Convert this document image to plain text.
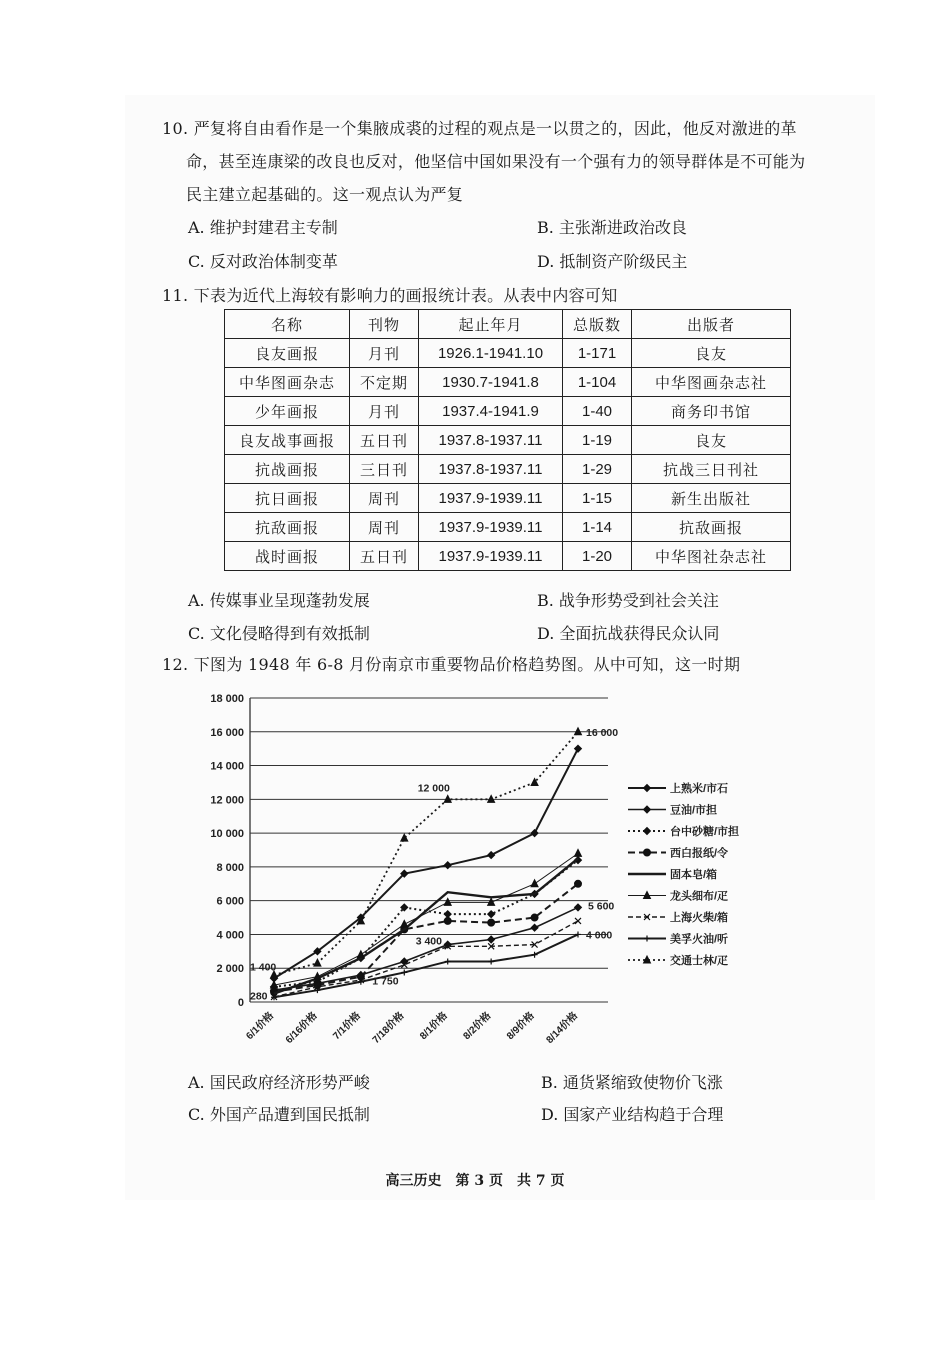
10. 严复将自由看作是一个集腋成裘的过程的观点是一以贯之的，因此，他反对激进的革
命，甚至连康梁的改良也反对，他坚信中国如果没有一个强有力的领导群体是不可能为
民主建立起基础的。这一观点认为严复
A. 维护封建君主专制	B. 主张渐进政治改良
C. 反对政治体制变革	D. 抵制资产阶级民主
11. 下表为近代上海较有影响力的画报统计表。从表中内容可知
名称	刊物	起止年月	总版数	出版者
良友画报	月刊	1926.1-1941.10	1-171	良友
中华图画杂志	不定期	1930.7-1941.8	1-104	中华图画杂志社
少年画报	月刊	1937.4-1941.9	1-40	商务印书馆
良友战事画报	五日刊	1937.8-1937.11	1-19	良友
抗战画报	三日刊	1937.8-1937.11	1-29	抗战三日刊社
抗日画报	周刊	1937.9-1939.11	1-15	新生出版社
抗敌画报	周刊	1937.9-1939.11	1-14	抗敌画报
战时画报	五日刊	1937.9-1939.11	1-20	中华图社杂志社
A. 传媒事业呈现蓬勃发展	B. 战争形势受到社会关注
C. 文化侵略得到有效抵制	D. 全面抗战获得民众认同
12. 下图为 1948 年 6-8 月份南京市重要物品价格趋势图。从中可知，这一时期
0
2 000
4 000
6 000
8 000
10 000
12 000
14 000
16 000
18 000
6/1价格 6/16价格 7/1价格 7/18价格 8/1价格 8/2价格 8/9价格 8/14价格
1 400
12 000
16 000
5 600
3 400
4 000
1 750
280
上熟米/市石
豆油/市担
台中砂糖/市担
西白报纸/令
固本皂/箱
龙头细布/疋
上海火柴/箱
美孚火油/听
交通士林/疋
A. 国民政府经济形势严峻	B. 通货紧缩致使物价飞涨
C. 外国产品遭到国民抵制	D. 国家产业结构趋于合理
高三历史　第 3 页　共 7 页
